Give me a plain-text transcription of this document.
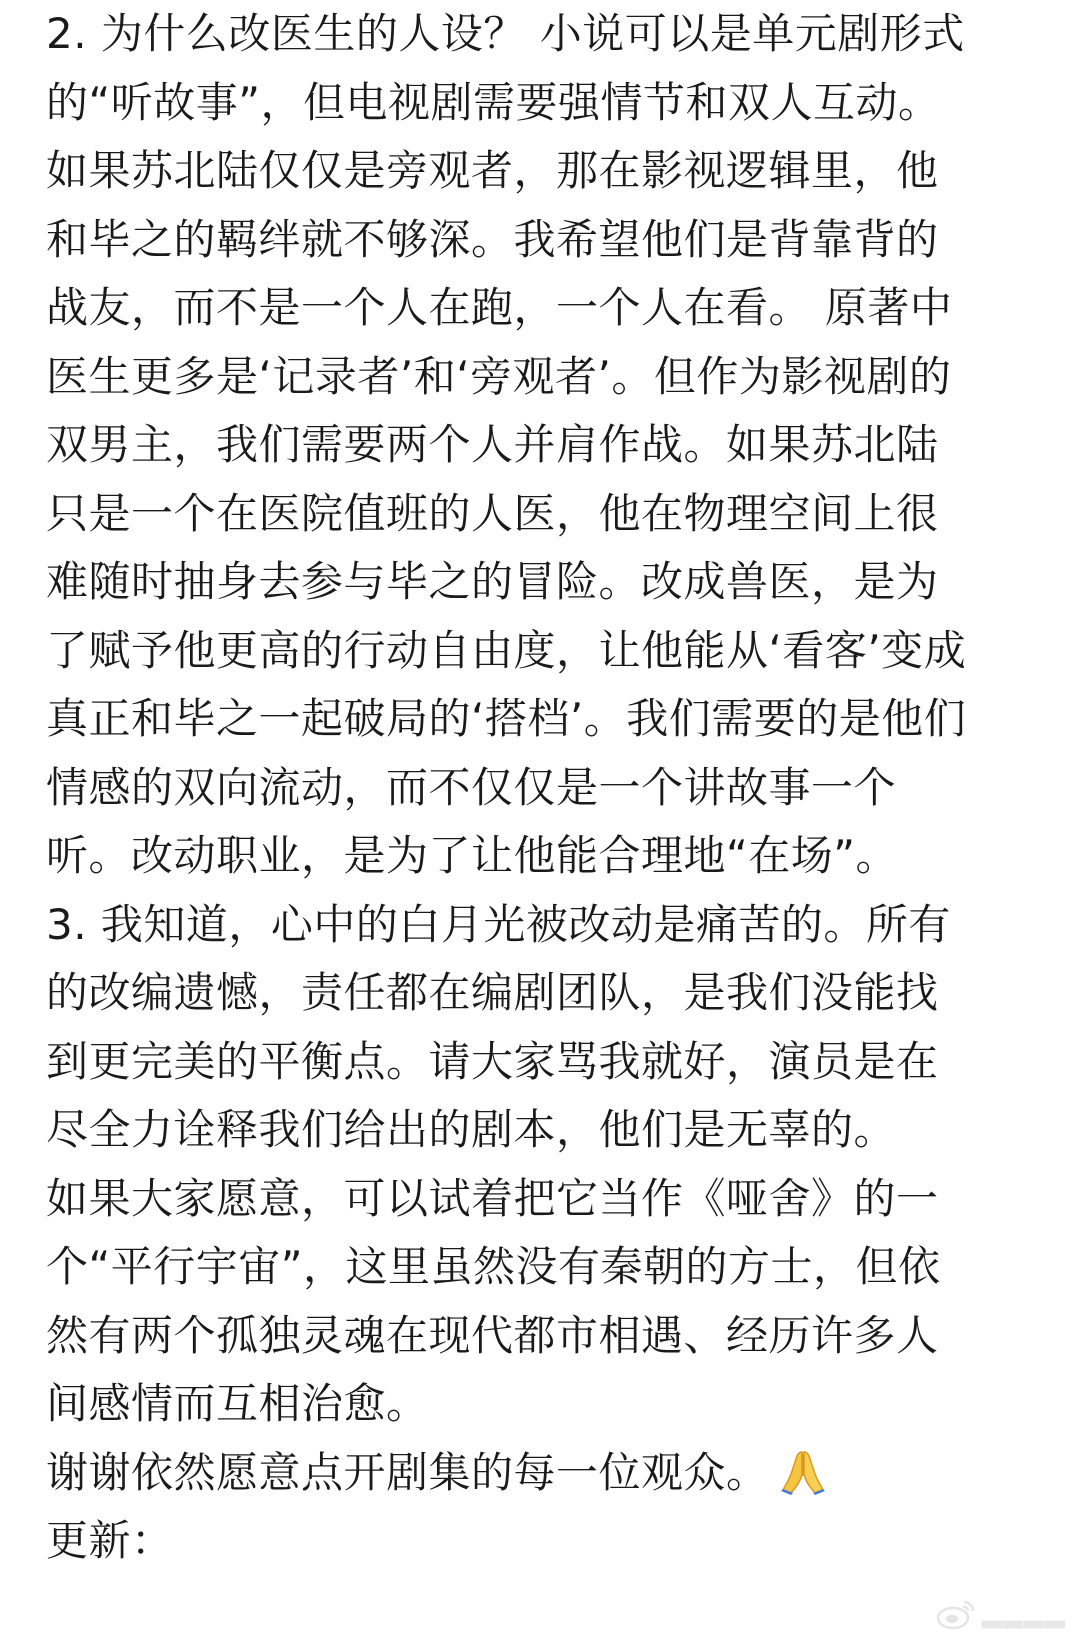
2. 为什么改医生的人设？ 小说可以是单元剧形式
的“听故事”，但电视剧需要强情节和双人互动。
如果苏北陆仅仅是旁观者，那在影视逻辑里，他
和毕之的羁绊就不够深。我希望他们是背靠背的
战友，而不是一个人在跑，一个人在看。 原著中
医生更多是‘记录者’和‘旁观者’。但作为影视剧的
双男主，我们需要两个人并肩作战。如果苏北陆
只是一个在医院值班的人医，他在物理空间上很
难随时抽身去参与毕之的冒险。改成兽医，是为
了赋予他更高的行动自由度，让他能从‘看客’变成
真正和毕之一起破局的‘搭档’。我们需要的是他们
情感的双向流动，而不仅仅是一个讲故事一个
听。改动职业，是为了让他能合理地“在场”。
3. 我知道，心中的白月光被改动是痛苦的。所有
的改编遗憾，责任都在编剧团队，是我们没能找
到更完美的平衡点。请大家骂我就好，演员是在
尽全力诠释我们给出的剧本，他们是无辜的。
如果大家愿意，可以试着把它当作《哑舍》的一
个“平行宇宙”，这里虽然没有秦朝的方士，但依
然有两个孤独灵魂在现代都市相遇、经历许多人
间感情而互相治愈。
谢谢依然愿意点开剧集的每一位观众。
更新：
▂▂▂▂
